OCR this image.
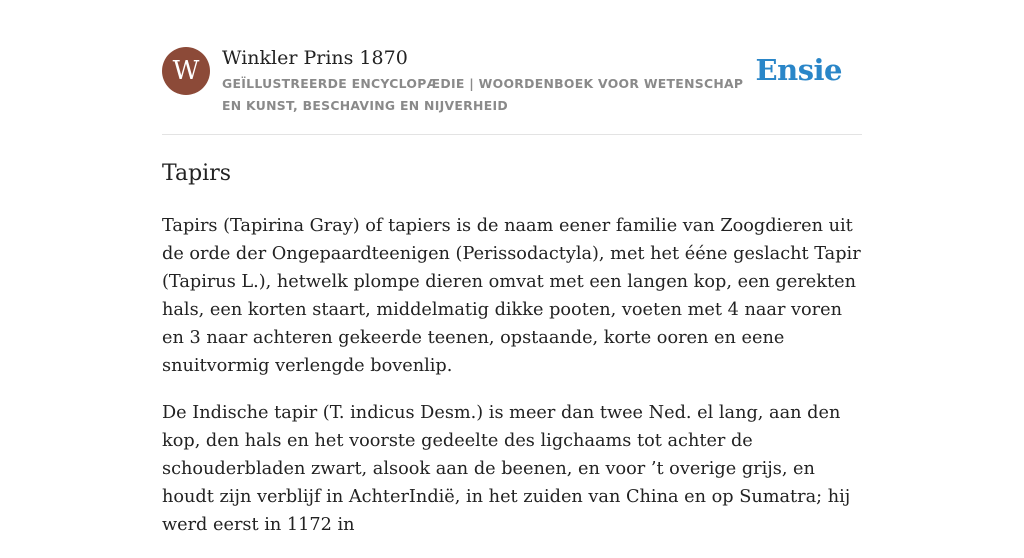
W	Winkler Prins 1870
GEÏLLUSTREERDE ENCYCLOPÆDIE | WOORDENBOEK VOOR WETENSCHAP EN KUNST, BESCHAVING EN NIJVERHEID
Ensie
Tapirs

Tapirs (Tapirina Gray) of tapiers is de naam eener familie van Zoogdieren uit de orde der Ongepaardteenigen (Perissodactyla), met het ééne geslacht Tapir (Tapirus L.), hetwelk plompe dieren omvat met een langen kop, een gerekten hals, een korten staart, middelmatig dikke pooten, voeten met 4 naar voren en 3 naar achteren gekeerde teenen, opstaande, korte ooren en eene snuitvormig verlengde bovenlip.

De Indische tapir (T. indicus Desm.) is meer dan twee Ned. el lang, aan den kop, den hals en het voorste gedeelte des ligchaams tot achter de schouderbladen zwart, alsook aan de beenen, en voor ’t overige grijs, en houdt zijn verblijf in AchterIndië, in het zuiden van China en op Sumatra; hij werd eerst in 1172 in
